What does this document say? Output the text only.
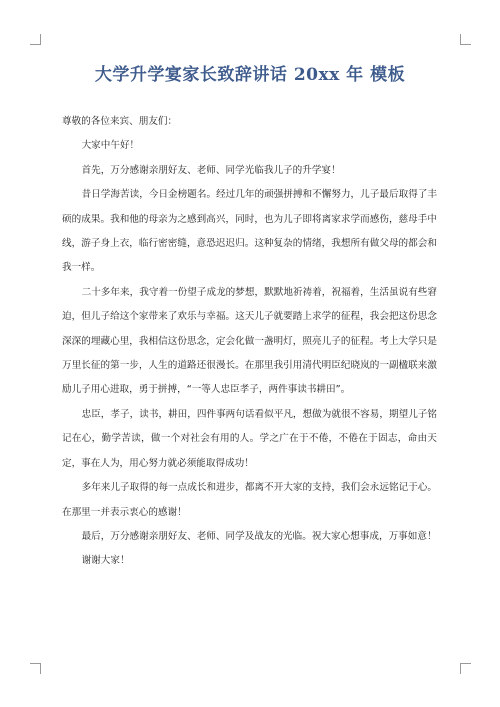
大学升学宴家长致辞讲话 20xx 年 模板

尊敬的各位来宾、朋友们：

大家中午好！

首先，万分感谢亲朋好友、老师、同学光临我儿子的升学宴！

昔日学海苦读，今日金榜题名。经过几年的顽强拼搏和不懈努力，儿子最后取得了丰硕的成果。我和他的母亲为之感到高兴，同时，也为儿子即将离家求学而感伤，慈母手中线，游子身上衣，临行密密缝，意恐迟迟归。这种复杂的情绪，我想所有做父母的都会和我一样。

二十多年来，我守着一份望子成龙的梦想，默默地祈祷着，祝福着，生活虽说有些窘迫，但儿子给这个家带来了欢乐与幸福。这天儿子就要踏上求学的征程，我会把这份思念深深的埋藏心里，我相信这份思念，定会化做一盏明灯，照亮儿子的征程。考上大学只是万里长征的第一步，人生的道路还很漫长。在那里我引用清代明臣纪晓岚的一副楹联来激励儿子用心进取，勇于拼搏，“一等人忠臣孝子，两件事读书耕田”。

忠臣，孝子，读书，耕田，四件事两句话看似平凡，想做为就很不容易，期望儿子铭记在心，勤学苦读，做一个对社会有用的人。学之广在于不倦，不倦在于固志，命由天定，事在人为，用心努力就必须能取得成功！

多年来儿子取得的每一点成长和进步，都离不开大家的支持，我们会永远铭记于心。在那里一并表示衷心的感谢！

最后，万分感谢亲朋好友、老师、同学及战友的光临。祝大家心想事成，万事如意！

谢谢大家！
